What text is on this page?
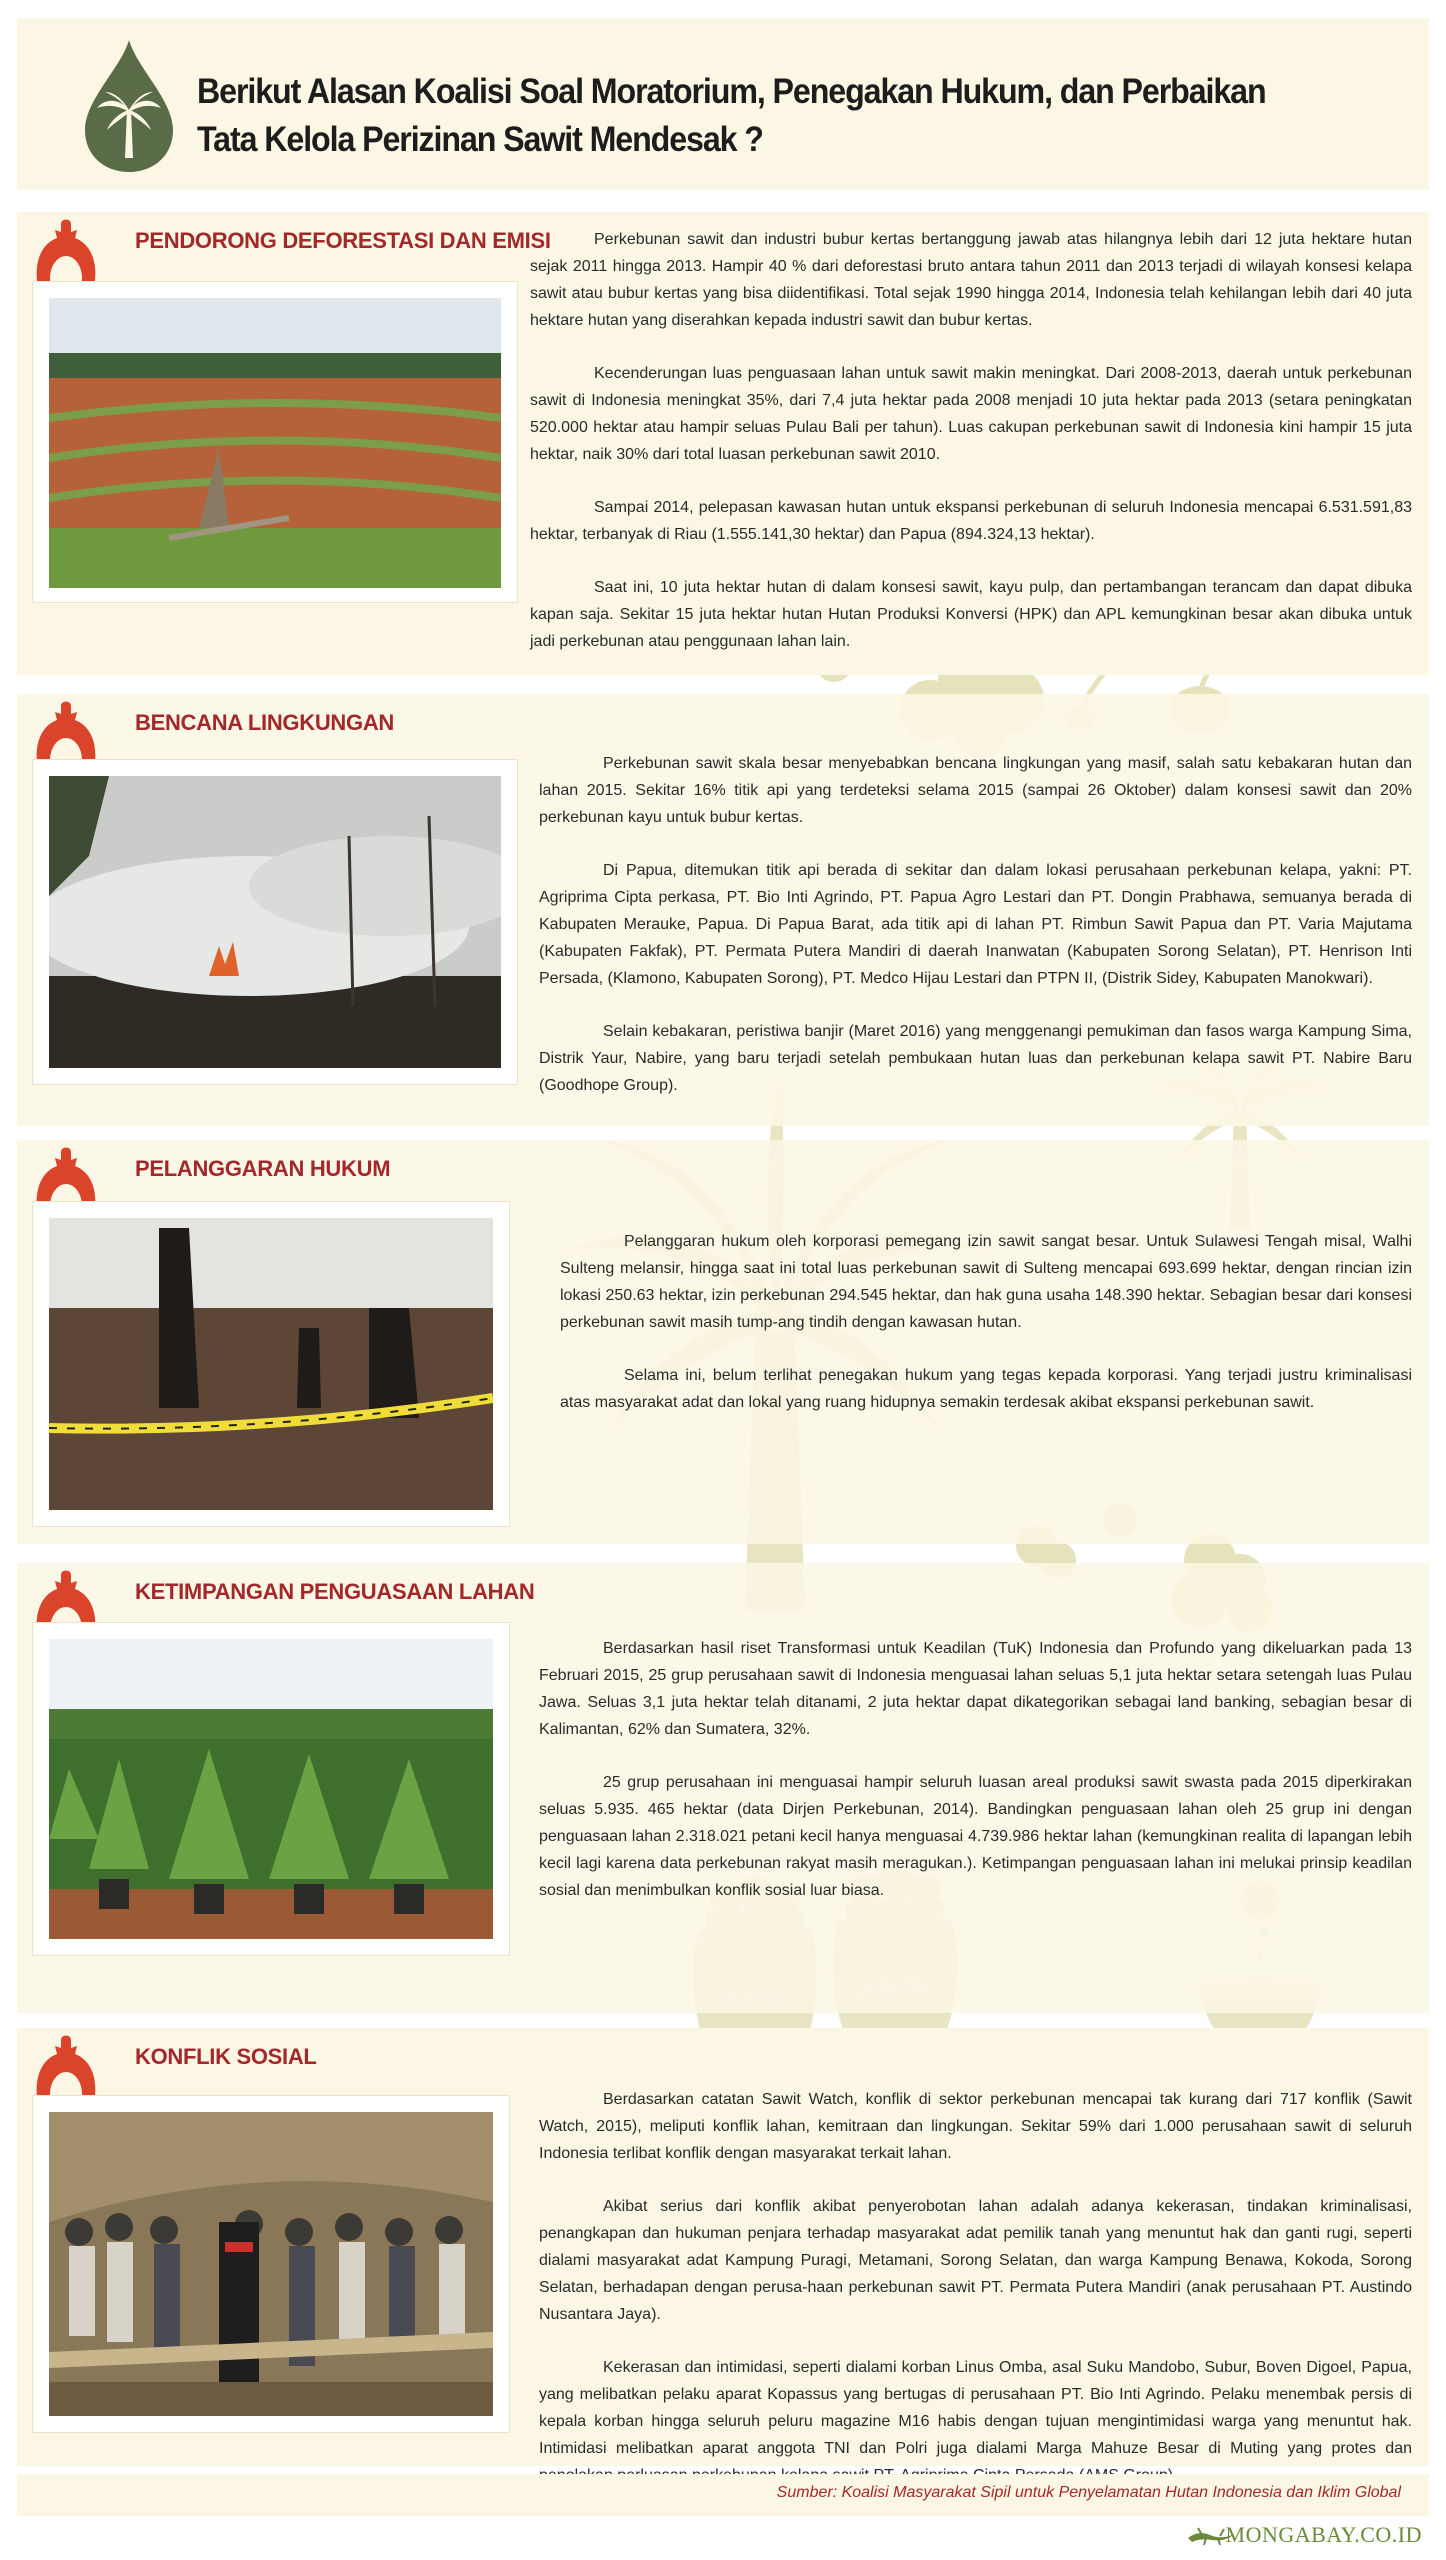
Berikut Alasan Koalisi Soal Moratorium, Penegakan Hukum, dan Perbaikan Tata Kelola Perizinan Sawit Mendesak ?
PENDORONG DEFORESTASI DAN EMISI	Perkebunan sawit dan industri bubur kertas bertanggung jawab atas hilangnya lebih dari 12 juta hektare hutan sejak 2011 hingga 2013. Hampir 40 % dari deforestasi bruto antara tahun 2011 dan 2013 terjadi di wilayah konsesi kelapa sawit atau bubur kertas yang bisa diidentifikasi. Total sejak 1990 hingga 2014, Indonesia telah kehilangan lebih dari 40 juta hektare hutan yang diserahkan kepada industri sawit dan bubur kertas.

Kecenderungan luas penguasaan lahan untuk sawit makin meningkat. Dari 2008-2013, daerah untuk perkebunan sawit di Indonesia meningkat 35%, dari 7,4 juta hektar pada 2008 menjadi 10 juta hektar pada 2013 (setara peningkatan 520.000 hektar atau hampir seluas Pulau Bali per tahun). Luas cakupan perkebunan sawit di Indonesia kini hampir 15 juta hektar, naik 30% dari total luasan perkebunan sawit 2010.

Sampai 2014, pelepasan kawasan hutan untuk ekspansi perkebunan di seluruh Indonesia mencapai 6.531.591,83 hektar, terbanyak di Riau (1.555.141,30 hektar) dan Papua (894.324,13 hektar).

Saat ini, 10 juta hektar hutan di dalam konsesi sawit, kayu pulp, dan pertambangan terancam dan dapat dibuka kapan saja. Sekitar 15 juta hektar hutan Hutan Produksi Konversi (HPK) dan APL kemungkinan besar akan dibuka untuk jadi perkebunan atau penggunaan lahan lain.

BENCANA LINGKUNGAN

Perkebunan sawit skala besar menyebabkan bencana lingkungan yang masif, salah satu kebakaran hutan dan lahan 2015. Sekitar 16% titik api yang terdeteksi selama 2015 (sampai 26 Oktober) dalam konsesi sawit dan 20% perkebunan kayu untuk bubur kertas.

Di Papua, ditemukan titik api berada di sekitar dan dalam lokasi perusahaan perkebunan kelapa, yakni: PT. Agriprima Cipta perkasa, PT. Bio Inti Agrindo, PT. Papua Agro Lestari dan PT. Dongin Prabhawa, semuanya berada di Kabupaten Merauke, Papua. Di Papua Barat, ada titik api di lahan PT. Rimbun Sawit Papua dan PT. Varia Majutama (Kabupaten Fakfak), PT. Permata Putera Mandiri di daerah Inanwatan (Kabupaten Sorong Selatan), PT. Henrison Inti Persada, (Klamono, Kabupaten Sorong), PT. Medco Hijau Lestari dan PTPN II, (Distrik Sidey, Kabupaten Manokwari).

Selain kebakaran, peristiwa banjir (Maret 2016) yang menggenangi pemukiman dan fasos warga Kampung Sima, Distrik Yaur, Nabire, yang baru terjadi setelah pembukaan hutan luas dan perkebunan kelapa sawit PT. Nabire Baru (Goodhope Group).

PELANGGARAN HUKUM

Pelanggaran hukum oleh korporasi pemegang izin sawit sangat besar. Untuk Sulawesi Tengah misal, Walhi Sulteng melansir, hingga saat ini total luas perkebunan sawit di Sulteng mencapai 693.699 hektar, dengan rincian izin lokasi 250.63 hektar, izin perkebunan 294.545 hektar, dan hak guna usaha 148.390 hektar. Sebagian besar dari konsesi perkebunan sawit masih tump-ang tindih dengan kawasan hutan.

Selama ini, belum terlihat penegakan hukum yang tegas kepada korporasi. Yang terjadi justru kriminalisasi atas masyarakat adat dan lokal yang ruang hidupnya semakin terdesak akibat ekspansi perkebunan sawit.

KETIMPANGAN PENGUASAAN LAHAN

Berdasarkan hasil riset Transformasi untuk Keadilan (TuK) Indonesia dan Profundo yang dikeluarkan pada 13 Februari 2015, 25 grup perusahaan sawit di Indonesia menguasai lahan seluas 5,1 juta hektar setara setengah luas Pulau Jawa. Seluas 3,1 juta hektar telah ditanami, 2 juta hektar dapat dikategorikan sebagai land banking, sebagian besar di Kalimantan, 62% dan Sumatera, 32%.

25 grup perusahaan ini menguasai hampir seluruh luasan areal produksi sawit swasta pada 2015 diperkirakan seluas 5.935. 465 hektar (data Dirjen Perkebunan, 2014). Bandingkan penguasaan lahan oleh 25 grup ini dengan penguasaan lahan 2.318.021 petani kecil hanya menguasai 4.739.986 hektar lahan (kemungkinan realita di lapangan lebih kecil lagi karena data perkebunan rakyat masih meragukan.). Ketimpangan penguasaan lahan ini melukai prinsip keadilan sosial dan menimbulkan konflik sosial luar biasa.

KONFLIK SOSIAL

Berdasarkan catatan Sawit Watch, konflik di sektor perkebunan mencapai tak kurang dari 717 konflik (Sawit Watch, 2015), meliputi konflik lahan, kemitraan dan lingkungan. Sekitar 59% dari 1.000 perusahaan sawit di seluruh Indonesia terlibat konflik dengan masyarakat terkait lahan.

Akibat serius dari konflik akibat penyerobotan lahan adalah adanya kekerasan, tindakan kriminalisasi, penangkapan dan hukuman penjara terhadap masyarakat adat pemilik tanah yang menuntut hak dan ganti rugi, seperti dialami masyarakat adat Kampung Puragi, Metamani, Sorong Selatan, dan warga Kampung Benawa, Kokoda, Sorong Selatan, berhadapan dengan perusa-haan perkebunan sawit PT. Permata Putera Mandiri (anak perusahaan PT. Austindo Nusantara Jaya).

Kekerasan dan intimidasi, seperti dialami korban Linus Omba, asal Suku Mandobo, Subur, Boven Digoel, Papua, yang melibatkan pelaku aparat Kopassus yang bertugas di perusahaan PT. Bio Inti Agrindo. Pelaku menembak persis di kepala korban hingga seluruh peluru magazine M16 habis dengan tujuan mengintimidasi warga yang menuntut hak. Intimidasi melibatkan aparat anggota TNI dan Polri juga dialami Marga Mahuze Besar di Muting yang protes dan

Sumber: Koalisi Masyarakat Sipil untuk Penyelamatan Hutan Indonesia dan Iklim Global
MONGABAY.CO.ID
